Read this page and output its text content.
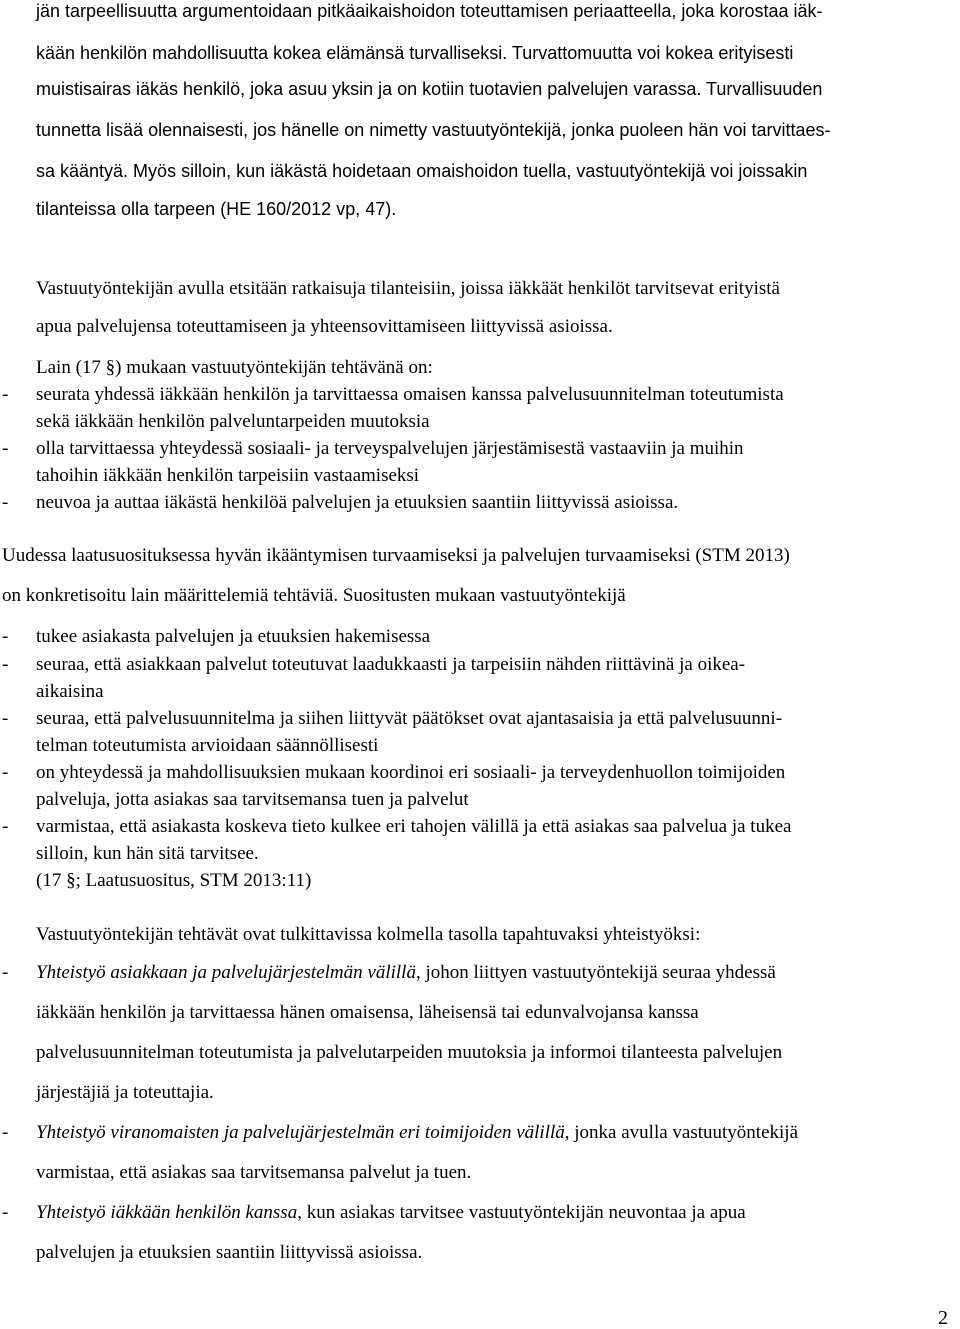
jän tarpeellisuutta argumentoidaan pitkäaikaishoidon toteuttamisen periaatteella, joka korostaa iäk-
kään henkilön mahdollisuutta kokea elämänsä turvalliseksi. Turvattomuutta voi kokea erityisesti
muistisairas iäkäs henkilö, joka asuu yksin ja on kotiin tuotavien palvelujen varassa. Turvallisuuden
tunnetta lisää olennaisesti, jos hänelle on nimetty vastuutyöntekijä, jonka puoleen hän voi tarvittaes-
sa kääntyä. Myös silloin, kun iäkästä hoidetaan omaishoidon tuella, vastuutyöntekijä voi joissakin
tilanteissa olla tarpeen (HE 160/2012 vp, 47).
Vastuutyöntekijän avulla etsitään ratkaisuja tilanteisiin, joissa iäkkäät henkilöt tarvitsevat erityistä
apua palvelujensa toteuttamiseen ja yhteensovittamiseen liittyvissä asioissa.
Lain (17 §) mukaan vastuutyöntekijän tehtävänä on:
- seurata yhdessä iäkkään henkilön ja tarvittaessa omaisen kanssa palvelusuunnitelman toteutumista
sekä iäkkään henkilön palveluntarpeiden muutoksia
- olla tarvittaessa yhteydessä sosiaali- ja terveyspalvelujen järjestämisestä vastaaviin ja muihin
tahoihin iäkkään henkilön tarpeisiin vastaamiseksi
- neuvoa ja auttaa iäkästä henkilöä palvelujen ja etuuksien saantiin liittyvissä asioissa.
Uudessa laatusuosituksessa hyvän ikääntymisen turvaamiseksi ja palvelujen turvaamiseksi (STM 2013)
on konkretisoitu lain määrittelemiä tehtäviä. Suositusten mukaan vastuutyöntekijä
- tukee asiakasta palvelujen ja etuuksien hakemisessa
- seuraa, että asiakkaan palvelut toteutuvat laadukkaasti ja tarpeisiin nähden riittävinä ja oikea-
aikaisina
- seuraa, että palvelusuunnitelma ja siihen liittyvät päätökset ovat ajantasaisia ja että palvelusuunni-
telman toteutumista arvioidaan säännöllisesti
- on yhteydessä ja mahdollisuuksien mukaan koordinoi eri sosiaali- ja terveydenhuollon toimijoiden
palveluja, jotta asiakas saa tarvitsemansa tuen ja palvelut
- varmistaa, että asiakasta koskeva tieto kulkee eri tahojen välillä ja että asiakas saa palvelua ja tukea
silloin, kun hän sitä tarvitsee.
(17 §; Laatusuositus, STM 2013:11)
Vastuutyöntekijän tehtävät ovat tulkittavissa kolmella tasolla tapahtuvaksi yhteistyöksi:
- Yhteistyö asiakkaan ja palvelujärjestelmän välillä, johon liittyen vastuutyöntekijä seuraa yhdessä
iäkkään henkilön ja tarvittaessa hänen omaisensa, läheisensä tai edunvalvojansa kanssa
palvelusuunnitelman toteutumista ja palvelutarpeiden muutoksia ja informoi tilanteesta palvelujen
järjestäjiä ja toteuttajia.
- Yhteistyö viranomaisten ja palvelujärjestelmän eri toimijoiden välillä, jonka avulla vastuutyöntekijä
varmistaa, että asiakas saa tarvitsemansa palvelut ja tuen.
- Yhteistyö iäkkään henkilön kanssa, kun asiakas tarvitsee vastuutyöntekijän neuvontaa ja apua
palvelujen ja etuuksien saantiin liittyvissä asioissa.
2
